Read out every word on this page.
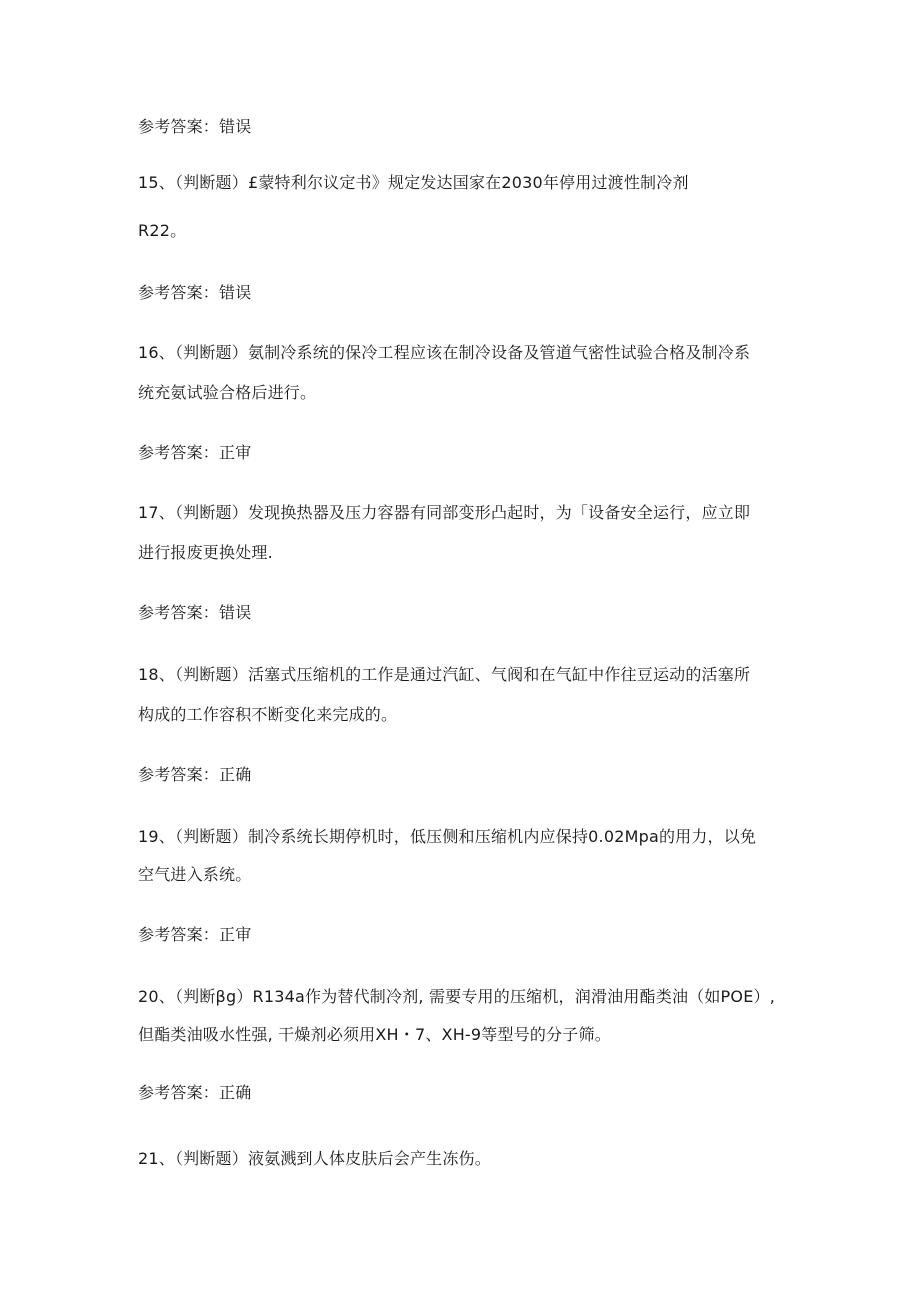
参考答案：错误
15、（判断题）£蒙特利尔议定书》规定发达国家在2030年停用过渡性制冷剂
R22。
参考答案：错误
16、（判断题）氨制冷系统的保冷工程应该在制冷设备及管道气密性试验合格及制冷系
统充氨试验合格后进行。
参考答案：正审
17、（判断题）发现换热器及压力容器有同部变形凸起时，为「设备安全运行，应立即
进行报废更换处理.
参考答案：错误
18、（判断题）活塞式压缩机的工作是通过汽缸、气阀和在气缸中作往豆运动的活塞所
构成的工作容积不断变化来完成的。
参考答案：正确
19、（判断题）制冷系统长期停机时，低压侧和压缩机内应保持0.02Mpa的用力，以免
空气进入系统。
参考答案：正审
20、（判断βg）R134a作为替代制冷剂, 需要专用的压缩机，润滑油用酯类油（如POE）,
但酯类油吸水性强, 干燥剂必须用XH・7、XH-9等型号的分子筛。
参考答案：正确
21、（判断题）液氨溅到人体皮肤后会产生冻伤。
